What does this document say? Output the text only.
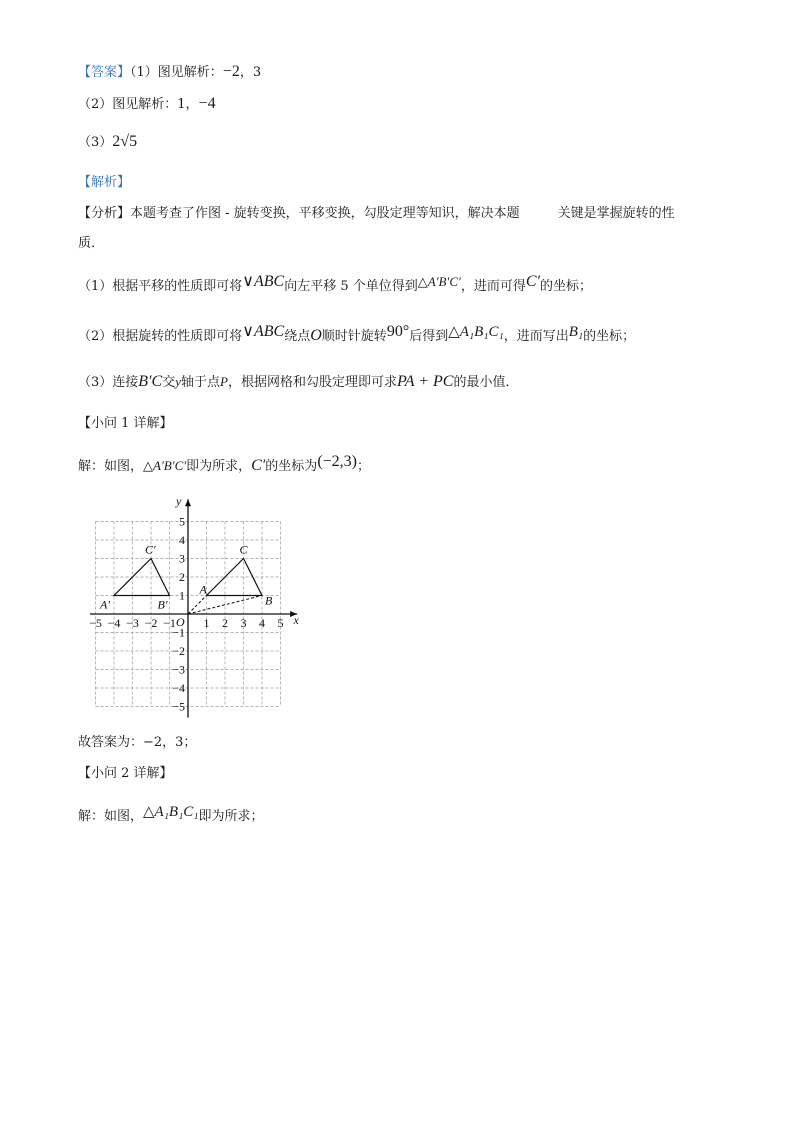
【答案】（1）图见解析：−2，3
（2）图见解析：1，−4
（3）2√5
【解析】
【分析】本题考查了作图 - 旋转变换，平移变换，勾股定理等知识，解决本题	关键是掌握旋转的性
质．
（1）根据平移的性质即可将∨ABC向左平移 5 个单位得到△A′B′C′，进而可得C′的坐标；
（2）根据旋转的性质即可将∨ABC绕点O顺时针旋转90°后得到△A₁B₁C₁，进而写出B₁的坐标；
（3）连接B′C交y轴于点P，根据网格和勾股定理即可求PA + PC的最小值．
【小问 1 详解】
解：如图，△A′B′C′即为所求，C′的坐标为(−2,3)；
x
y
O
−5 −4 −3 −2 −1 1 2 3 4 5
5
4
3
2
1
−1
−2
−3
−4
−5
A
B
C
A′	B′
C′
故答案为：−2，3；
【小问 2 详解】
解：如图，△A₁B₁C₁即为所求；
